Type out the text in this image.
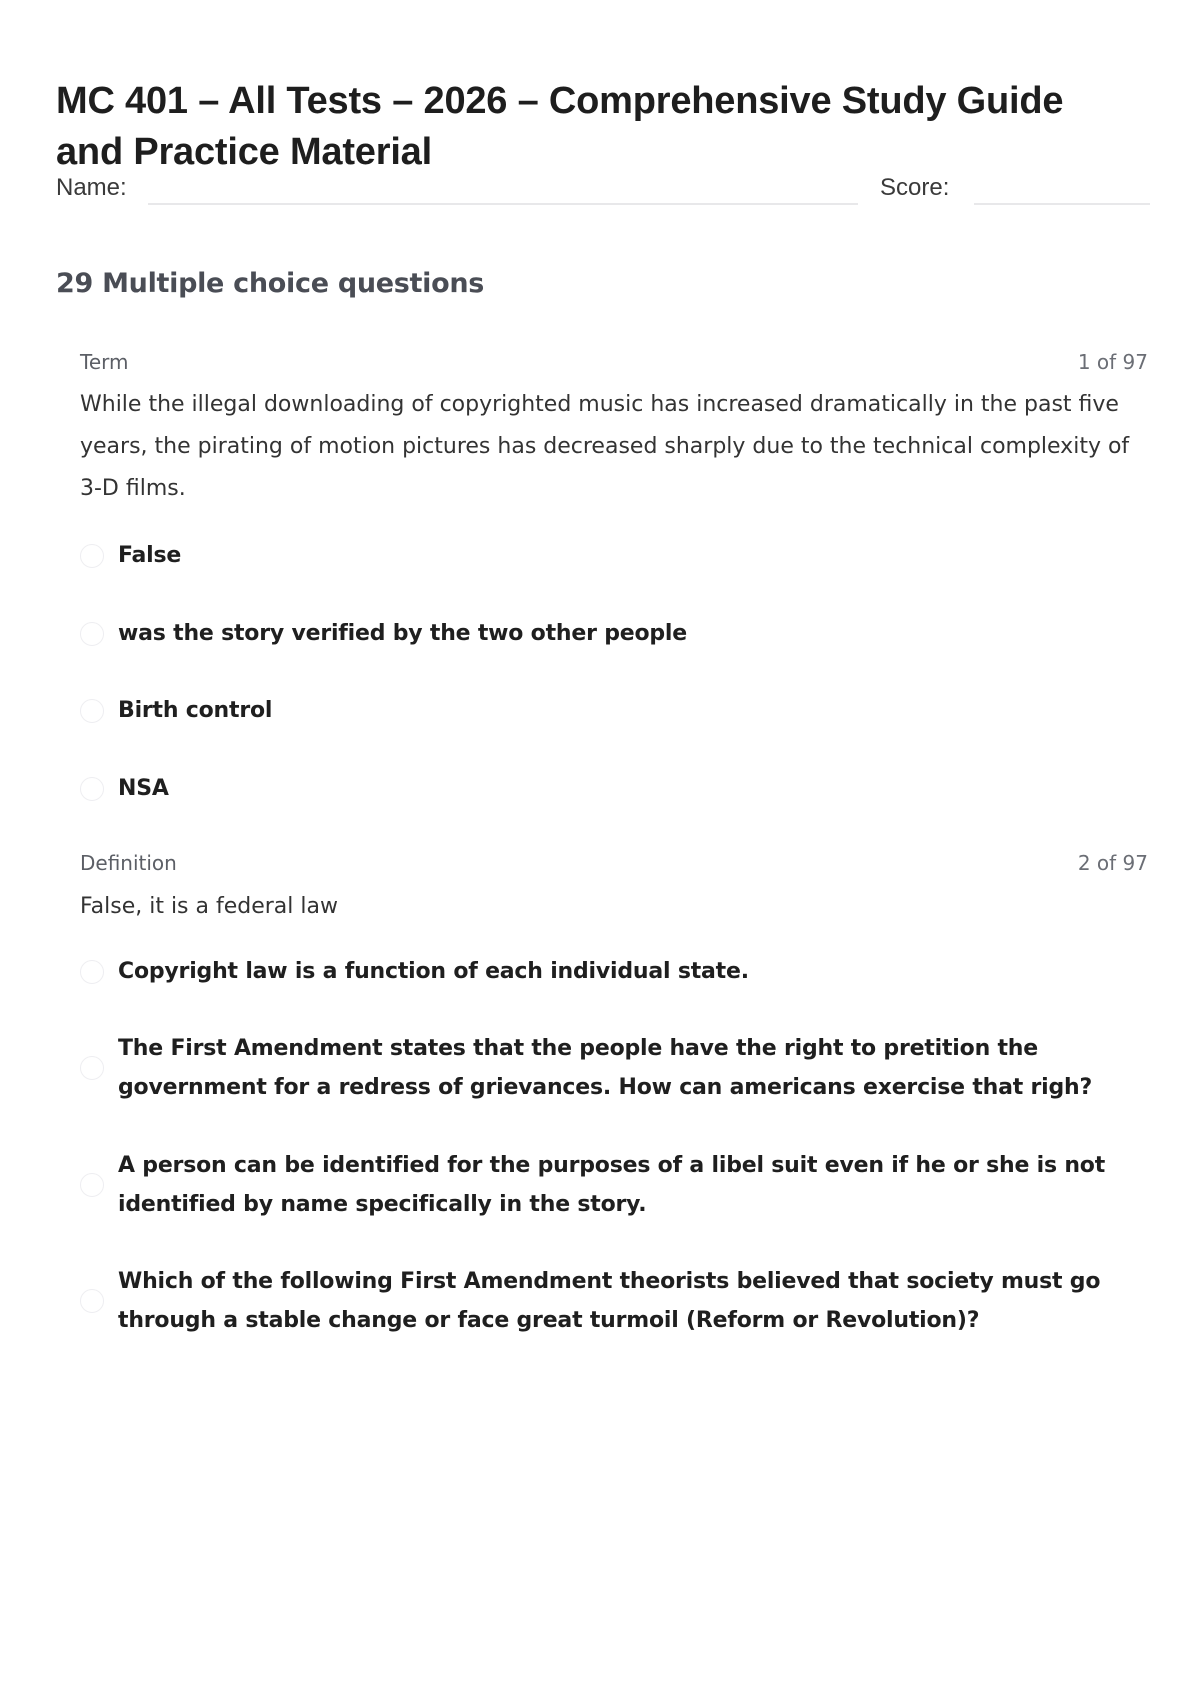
MC 401 – All Tests – 2026 – Comprehensive Study Guide and Practice Material
Name:	Score:
29 Multiple choice questions
Term	1 of 97

While the illegal downloading of copyrighted music has increased dramatically in the past five years, the pirating of motion pictures has decreased sharply due to the technical complexity of 3-D films.

False
was the story verified by the two other people
Birth control
NSA
Definition	2 of 97

False, it is a federal law

Copyright law is a function of each individual state.
The First Amendment states that the people have the right to pretition the government for a redress of grievances. How can americans exercise that righ?
A person can be identified for the purposes of a libel suit even if he or she is not identified by name specifically in the story.
Which of the following First Amendment theorists believed that society must go through a stable change or face great turmoil (Reform or Revolution)?
